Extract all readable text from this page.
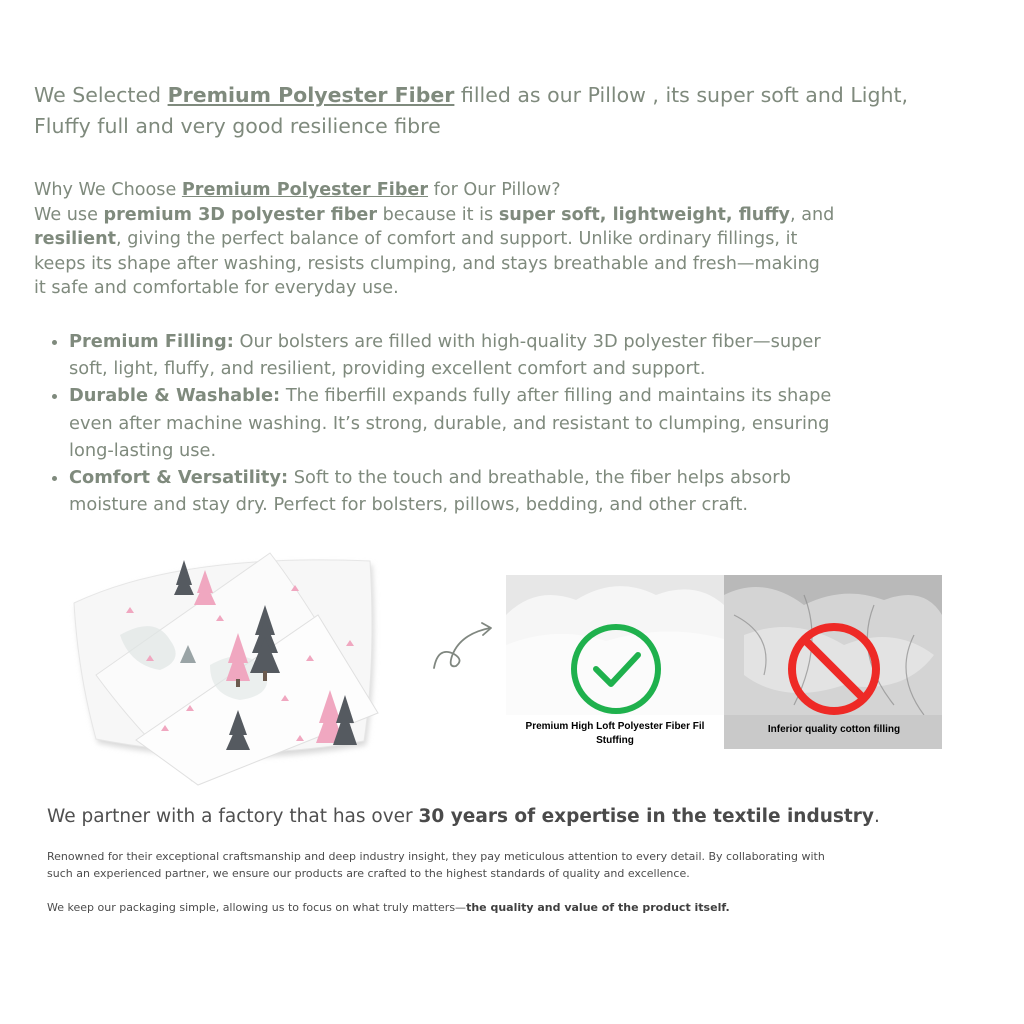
We Selected Premium Polyester Fiber filled as our Pillow , its super soft and Light,
Fluffy full and very good resilience fibre
Why We Choose Premium Polyester Fiber for Our Pillow?
We use premium 3D polyester fiber because it is super soft, lightweight, fluffy, and
resilient, giving the perfect balance of comfort and support. Unlike ordinary fillings, it
keeps its shape after washing, resists clumping, and stays breathable and fresh—making
it safe and comfortable for everyday use.
• Premium Filling: Our bolsters are filled with high-quality 3D polyester fiber—super
soft, light, fluffy, and resilient, providing excellent comfort and support.
• Durable & Washable: The fiberfill expands fully after filling and maintains its shape
even after machine washing. It’s strong, durable, and resistant to clumping, ensuring
long-lasting use.
• Comfort & Versatility: Soft to the touch and breathable, the fiber helps absorb
moisture and stay dry. Perfect for bolsters, pillows, bedding, and other craft.
Premium High Loft Polyester Fiber Fil
Stuffing
Inferior quality cotton filling
We partner with a factory that has over 30 years of expertise in the textile industry.
Renowned for their exceptional craftsmanship and deep industry insight, they pay meticulous attention to every detail. By collaborating with
such an experienced partner, we ensure our products are crafted to the highest standards of quality and excellence.
We keep our packaging simple, allowing us to focus on what truly matters—the quality and value of the product itself.
